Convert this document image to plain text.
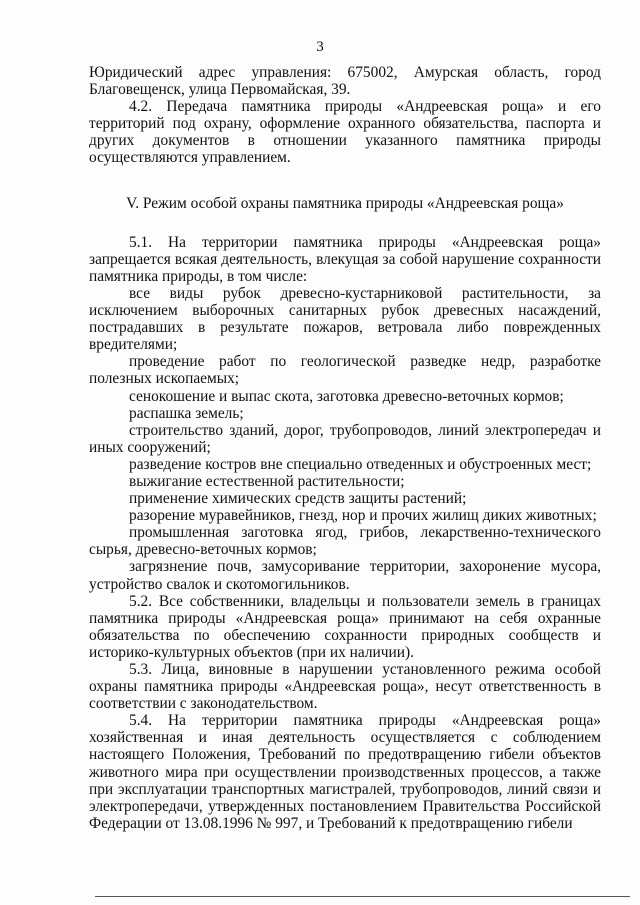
3

Юридический адрес управления: 675002, Амурская область, город Благовещенск, улица Первомайская, 39.

4.2. Передача памятника природы «Андреевская роща» и его территорий под охрану, оформление охранного обязательства, паспорта и других документов в отношении указанного памятника природы осуществляются управлением.

V. Режим особой охраны памятника природы «Андреевская роща»

5.1. На территории памятника природы «Андреевская роща» запрещается всякая деятельность, влекущая за собой нарушение сохранности памятника природы, в том числе:

все виды рубок древесно-кустарниковой растительности, за исключением выборочных санитарных рубок древесных насаждений, пострадавших в результате пожаров, ветровала либо поврежденных вредителями;

проведение работ по геологической разведке недр, разработке полезных ископаемых;

сенокошение и выпас скота, заготовка древесно-веточных кормов;

распашка земель;

строительство зданий, дорог, трубопроводов, линий электропередач и иных сооружений;

разведение костров вне специально отведенных и обустроенных мест;

выжигание естественной растительности;

применение химических средств защиты растений;

разорение муравейников, гнезд, нор и прочих жилищ диких животных;

промышленная заготовка ягод, грибов, лекарственно-технического сырья, древесно-веточных кормов;

загрязнение почв, замусоривание территории, захоронение мусора, устройство свалок и скотомогильников.

5.2. Все собственники, владельцы и пользователи земель в границах памятника природы «Андреевская роща» принимают на себя охранные обязательства по обеспечению сохранности природных сообществ и историко-культурных объектов (при их наличии).

5.3. Лица, виновные в нарушении установленного режима особой охраны памятника природы «Андреевская роща», несут ответственность в соответствии с законодательством.

5.4. На территории памятника природы «Андреевская роща» хозяйственная и иная деятельность осуществляется с соблюдением настоящего Положения, Требований по предотвращению гибели объектов животного мира при осуществлении производственных процессов, а также при эксплуатации транспортных магистралей, трубопроводов, линий связи и электропередачи, утвержденных постановлением Правительства Российской Федерации от 13.08.1996 № 997, и Требований к предотвращению гибели
